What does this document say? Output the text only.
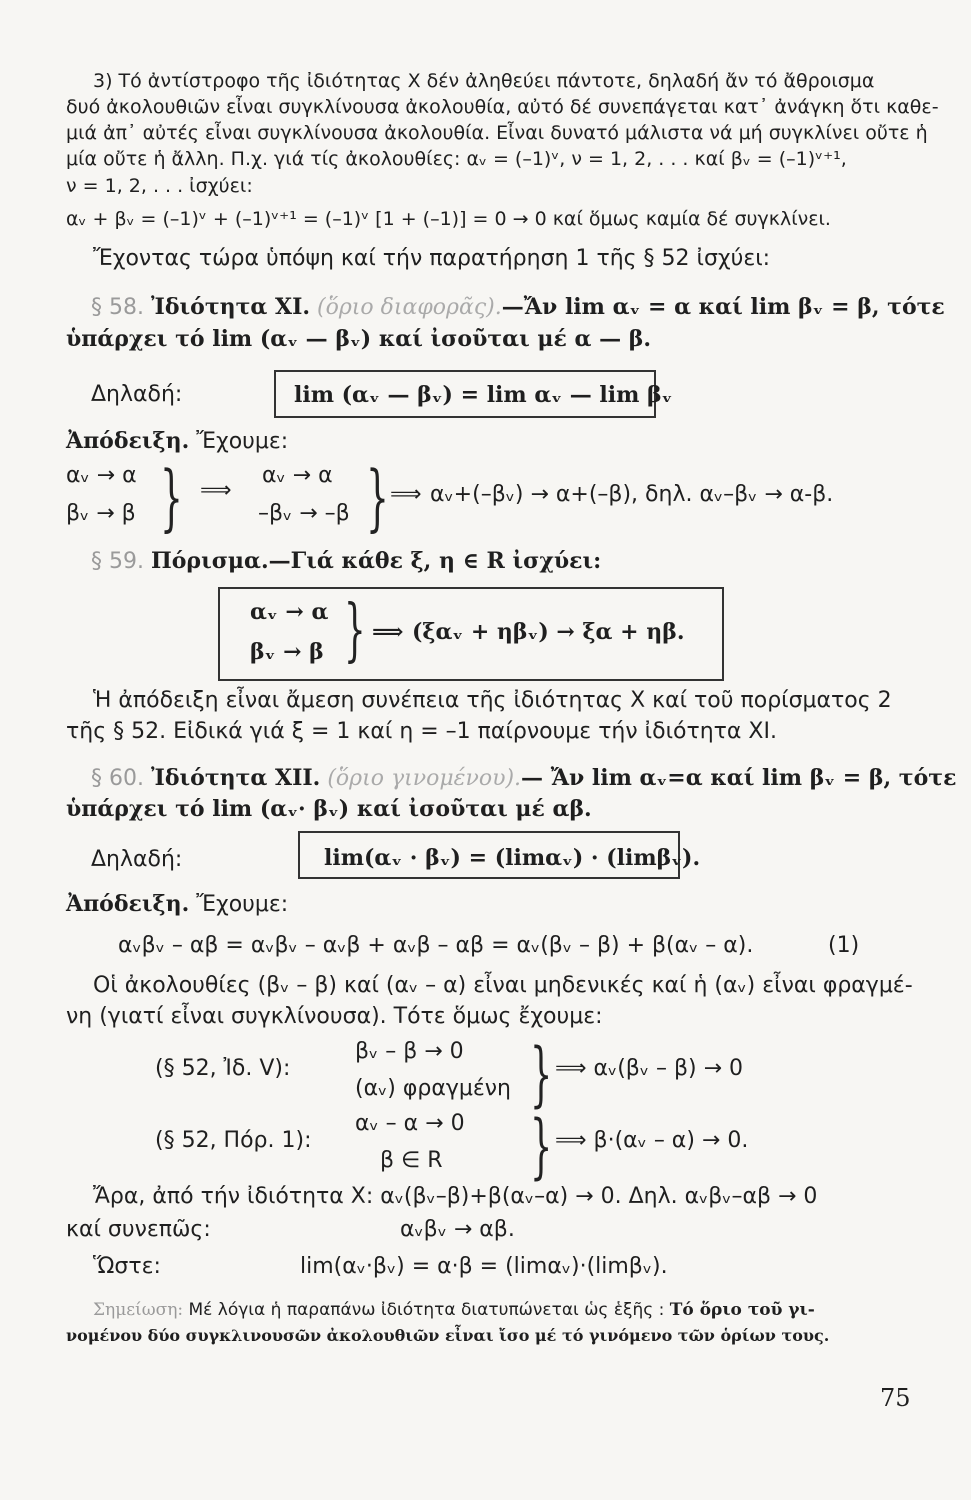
3) Τό ἀντίστροφο τῆς ἰδιότητας Χ δέν ἀληθεύει πάντοτε, δηλαδή ἄν τό ἄθροισμα
δυό ἀκολουθιῶν εἶναι συγκλίνουσα ἀκολουθία, αὐτό δέ συνεπάγεται κατ᾽ ἀνάγκη ὅτι καθε-
μιά ἀπ᾽ αὐτές εἶναι συγκλίνουσα ἀκολουθία. Εἶναι δυνατό μάλιστα νά μή συγκλίνει οὔτε ἡ
μία οὔτε ἡ ἄλλη. Π.χ. γιά τίς ἀκολουθίες: αᵥ = (–1)ᵛ, ν = 1, 2, . . . καί βᵥ = (–1)ᵛ⁺¹,
ν = 1, 2, . . . ἰσχύει:
αᵥ + βᵥ = (–1)ᵛ + (–1)ᵛ⁺¹ = (–1)ᵛ [1 + (–1)] = 0 → 0 καί ὅμως καμία δέ συγκλίνει.
Ἔχοντας τώρα ὑπόψη καί τήν παρατήρηση 1 τῆς § 52 ἰσχύει:
§ 58. Ἰδιότητα XI. (ὅριο διαφορᾶς).—Ἄν lim αᵥ = α καί lim βᵥ = β, τότε
ὑπάρχει τό lim (αᵥ — βᵥ) καί ἰσοῦται μέ α — β.
Δηλαδή:	lim (αᵥ — βᵥ) = lim αᵥ — lim βᵥ
Ἀπόδειξη. Ἔχουμε:
αᵥ → α
βᵥ → β } ⟹
αᵥ → α
–βᵥ → –β } ⟹ αᵥ+(–βᵥ) → α+(–β), δηλ. αᵥ–βᵥ → α-β.
§ 59. Πόρισμα.—Γιά κάθε ξ, η ∈ R ἰσχύει:
αᵥ → α
βᵥ → β } ⟹ (ξαᵥ + ηβᵥ) → ξα + ηβ.
Ἡ ἀπόδειξη εἶναι ἄμεση συνέπεια τῆς ἰδιότητας Χ καί τοῦ πορίσματος 2
τῆς § 52. Εἰδικά γιά ξ = 1 καί η = –1 παίρνουμε τήν ἰδιότητα XI.
§ 60. Ἰδιότητα XII. (ὅριο γινομένου).— Ἄν lim αᵥ=α καί lim βᵥ = β, τότε
ὑπάρχει τό lim (αᵥ· βᵥ) καί ἰσοῦται μέ αβ.
Δηλαδή:	lim(αᵥ · βᵥ) = (limαᵥ) · (limβᵥ).
Ἀπόδειξη. Ἔχουμε:
αᵥβᵥ – αβ = αᵥβᵥ – αᵥβ + αᵥβ – αβ = αᵥ(βᵥ – β) + β(αᵥ – α).	(1)
Οἱ ἀκολουθίες (βᵥ – β) καί (αᵥ – α) εἶναι μηδενικές καί ἡ (αᵥ) εἶναι φραγμέ-
νη (γιατί εἶναι συγκλίνουσα). Τότε ὅμως ἔχουμε:
(§ 52, Ἰδ. V):
βᵥ – β → 0
(αᵥ) φραγμένη } ⟹ αᵥ(βᵥ – β) → 0
(§ 52, Πόρ. 1):
αᵥ – α → 0
β ∈ R } ⟹ β·(αᵥ – α) → 0.
Ἄρα, ἀπό τήν ἰδιότητα Χ: αᵥ(βᵥ–β)+β(αᵥ–α) → 0. Δηλ. αᵥβᵥ–αβ → 0
καί συνεπῶς:	αᵥβᵥ → αβ.
Ὥστε:	lim(αᵥ·βᵥ) = α·β = (limαᵥ)·(limβᵥ).
Σημείωση: Μέ λόγια ἡ παραπάνω ἰδιότητα διατυπώνεται ὡς ἑξῆς : Τό ὅριο τοῦ γι-
νομένου δύο συγκλινουσῶν ἀκολουθιῶν εἶναι ἴσο μέ τό γινόμενο τῶν ὁρίων τους.
75
